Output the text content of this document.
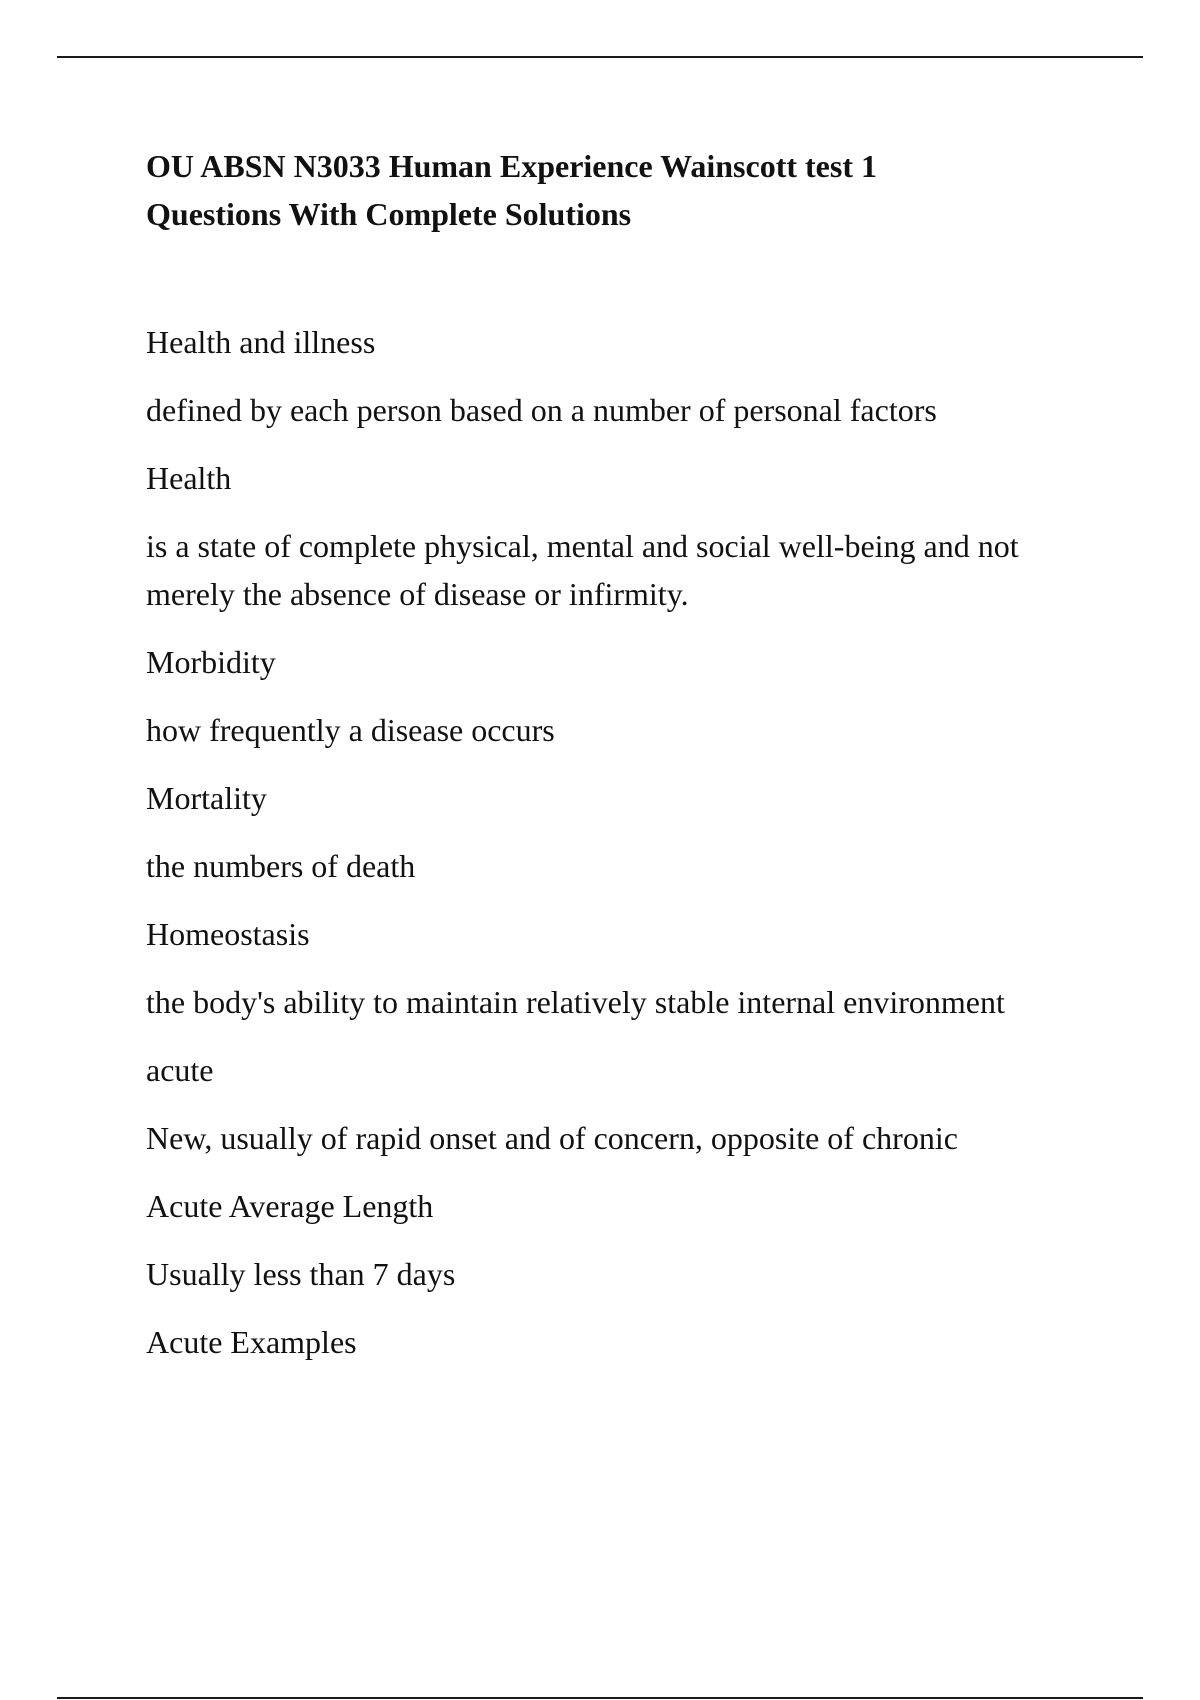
OU ABSN N3033 Human Experience Wainscott test 1
Questions With Complete Solutions

Health and illness

defined by each person based on a number of personal factors

Health

is a state of complete physical, mental and social well-being and not merely the absence of disease or infirmity.

Morbidity

how frequently a disease occurs

Mortality

the numbers of death

Homeostasis

the body's ability to maintain relatively stable internal environment

acute

New, usually of rapid onset and of concern, opposite of chronic

Acute Average Length

Usually less than 7 days

Acute Examples
